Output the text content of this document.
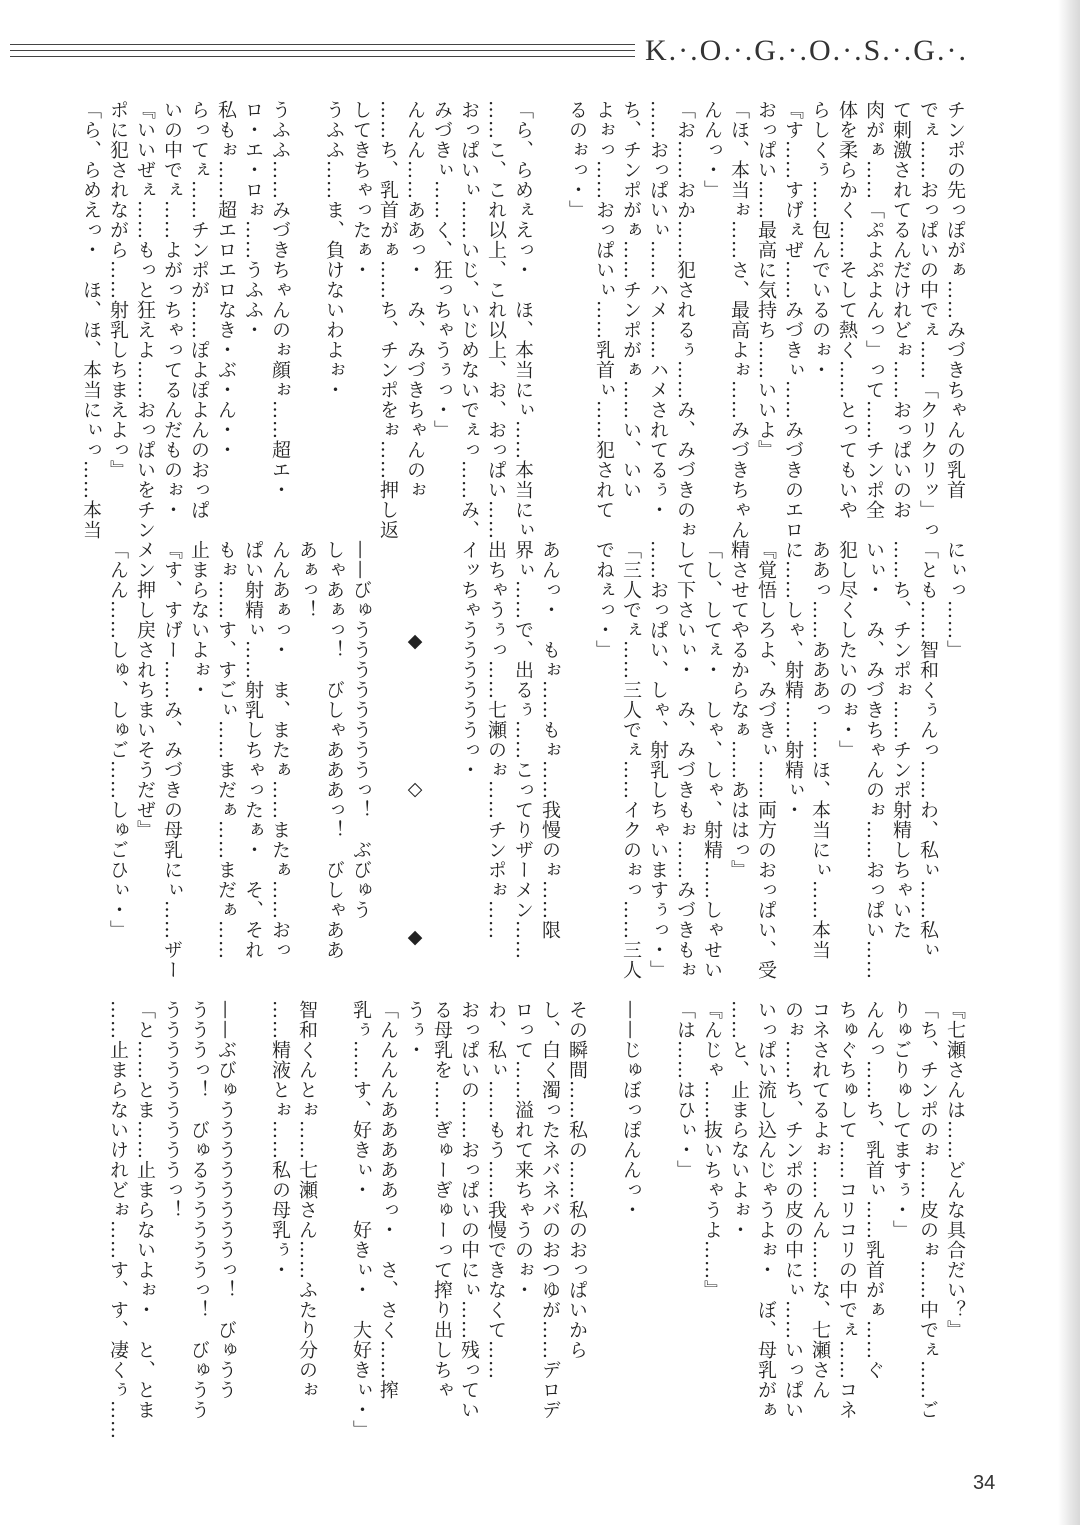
K.·.O.·.G.·.O.·.S.·.G.·.
チンポの先っぽがぁ……みづきちゃんの乳首
でぇ……おっぱいの中でぇ……「クリクリッ」っ
て刺激されてるんだけれどぉ……おっぱいのお
肉がぁ……「ぷよぷよんっ」って……チンポ全
体を柔らかく……そして熱く……とってもいや
らしくぅ……包んでいるのぉ・
『す……すげぇぜ……みづきぃ……みづきのエロ
おっぱい……最高に気持ち……いいよ』
「ほ、本当ぉ……さ、最高よぉ……みづきちゃん
んんっ・」
「お……おか……犯されるぅ……み、みづきのぉ
……おっぱいぃ……ハメ……ハメされてるぅ・
ち、チンポがぁ……チンポがぁ……い、いい
よぉっ……おっぱいぃ……乳首ぃ……犯されて
るのぉっ・」
「ら、らめぇえっ・　ほ、本当にぃ……本当にぃ
……こ、これ以上、これ以上、お、おっぱい……
おっぱいぃ……いじ、いじめないでぇっ……み、
みづきぃ……く、狂っちゃうぅっ・」
んんん……ああっ・　み、みづきちゃんのぉ
……ち、乳首がぁ……ち、チンポをぉ……押し返
してきちゃったぁ・
うふふ……ま、負けないわよぉ・
うふふ……みづきちゃんのぉ顔ぉ……超エ・
ロ・エ・ロぉ……うふふ・
私もぉ……超エロエロなき・ぶ・ん・・
らってぇ……チンポが……ぽよぽよんのおっぱ
いの中でぇ……よがっちゃってるんだものぉ・
『いいぜぇ……もっと狂えよ……おっぱいをチン
ポに犯されながら……射乳しちまえよっ』
「ら、らめえっ・　ほ、ほ、本当にぃっ……本当
にぃっ……」
「とも……智和くぅんっ……わ、私ぃ……私ぃ
……ち、チンポぉ……チンポ射精しちゃいた
いぃ・　み、みづきちゃんのぉ……おっぱい……
犯し尽くしたいのぉ・」
ああっ……あああっ……ほ、本当にぃ……本当
に……しゃ、射精……射精ぃ・
『覚悟しろよ、みづきぃ……両方のおっぱい、受
精させてやるからなぁ……あははっ』
「し、してぇ・　しゃ、しゃ、射精……しゃせい
して下さいぃ・　み、みづきもぉ……みづきもぉ
……おっぱい、しゃ、射乳しちゃいますぅっ・」
「三人でぇ……三人でぇ……イクのぉっ……三人
でねぇっ・」
あんっ・　もぉ……もぉ……我慢のぉ……限
界ぃ……で、出るぅ……こってりザーメン……
出ちゃうぅっ……七瀬のぉ……チンポぉ……
イッちゃううううううっ・
◆ ◇ ◆
——びゅううううううううっ！　ぶびゅう
しゃあぁっ！　びしゃあああっ！　びしゃああ
あぁっ！
んんあぁっ・　ま、またぁ……またぁ……おっ
ぱい射精ぃ……射乳しちゃったぁ・　そ、それ
もぉ……す、すごぃ……まだぁ……まだぁ……
止まらないよぉ・
『す、すげー……み、みづきの母乳にぃ……ザー
メン押し戻されちまいそうだぜ』
「んん……しゅ、しゅご……しゅごひぃ・」
『七瀬さんは……どんな具合だい？』
「ち、チンポのぉ……皮のぉ……中でぇ……ご
りゅごりゅしてますぅ・」
んんっ……ち、乳首ぃ……乳首がぁ……ぐ
ちゅぐちゅして……コリコリの中でぇ……コネ
コネされてるよぉ……んん……な、七瀬さん
のぉ……ち、チンポの皮の中にぃ……いっぱい
いっぱい流し込んじゃうよぉ・　ぼ、母乳がぁ
……と、止まらないよぉ・
『んじゃ……抜いちゃうよ……』
「は……はひぃ・」
——じゅぼっぽんんっ・
その瞬間……私の……私のおっぱいから
し、白く濁ったネバネバのおつゆが……デロデ
ロって……溢れて来ちゃうのぉ・
わ、私ぃ……もう……我慢できなくて……
おっぱいの……おっぱいの中にぃ……残ってい
る母乳を……ぎゅーぎゅーって搾り出しちゃ
うぅ・
「んんんんあああああっ・　さ、さく……搾
乳ぅ……す、好きぃ・　好きぃ・　大好きぃ・」
智和くんとぉ……七瀬さん……ふたり分のぉ
……精液とぉ……私の母乳ぅ・
——ぶびゅううううううううっ！　びゅうう
うううっ！　びゅるうううううっ！　びゅうう
うううううううううっ！
「と……とま……止まらないよぉ・　と、とま
……止まらないけれどぉ……す、す、凄くぅ……
34
